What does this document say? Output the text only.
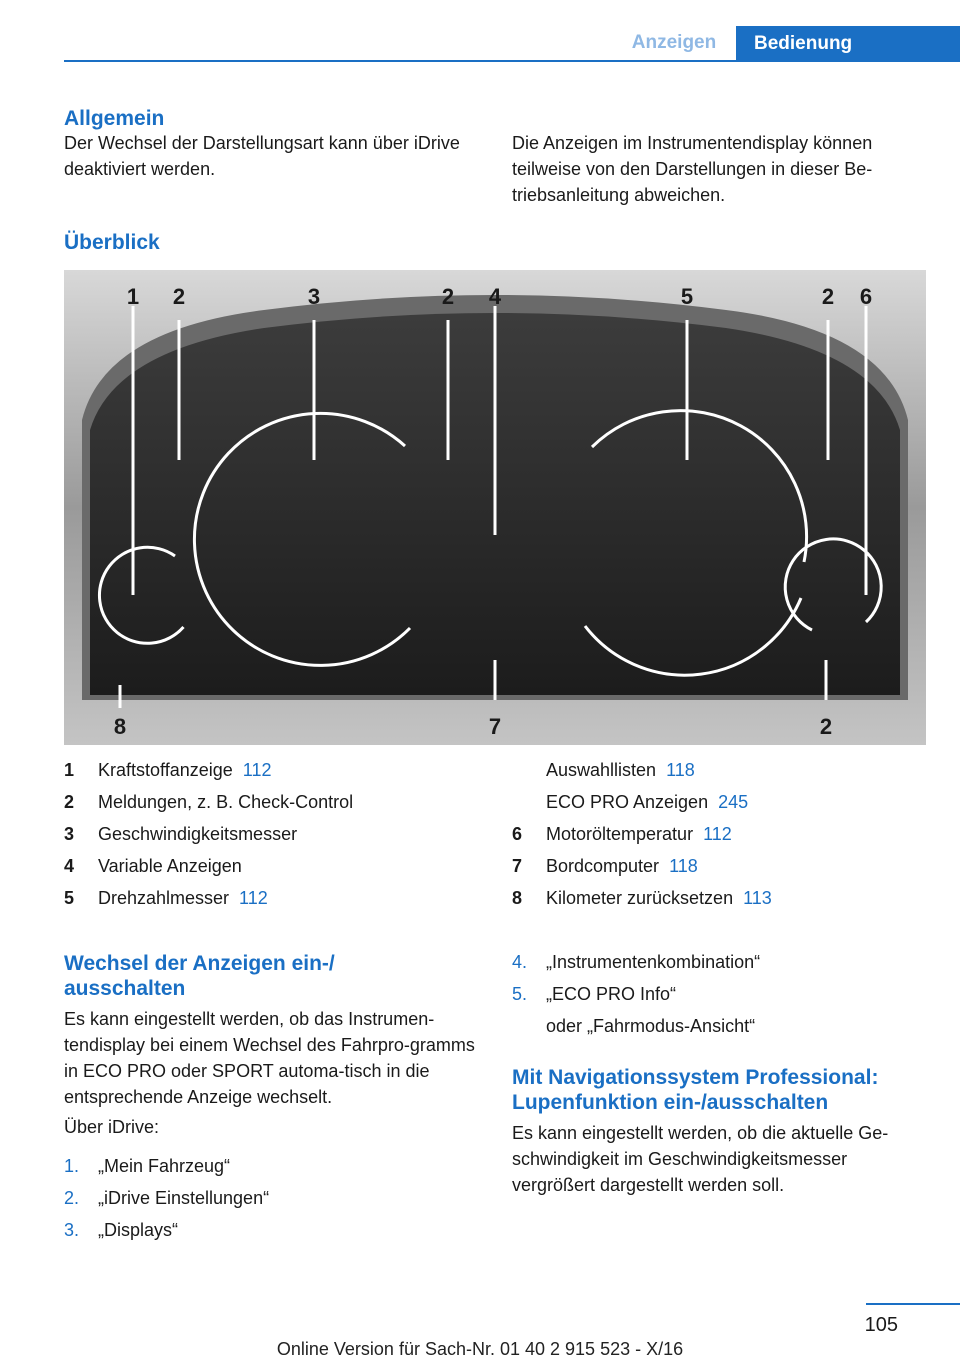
Anzeigen	Bedienung
Allgemein

Der Wechsel der Darstellungsart kann über iDrive deaktiviert werden.

Die Anzeigen im Instrumentendisplay können teilweise von den Darstellungen in dieser Be-triebsanleitung abweichen.

Überblick
1 2	3	2 4	5	2 6
8	7	2
1	Kraftstoffanzeige 112
2	Meldungen, z. B. Check-Control
3	Geschwindigkeitsmesser
4	Variable Anzeigen
5	Drehzahlmesser 112
Auswahllisten 118
ECO PRO Anzeigen 245
6	Motoröltemperatur 112
7	Bordcomputer 118
8	Kilometer zurücksetzen 113
Wechsel der Anzeigen ein-/ ausschalten

Es kann eingestellt werden, ob das Instrumen-tendisplay bei einem Wechsel des Fahrpro-gramms in ECO PRO oder SPORT automa-tisch in die entsprechende Anzeige wechselt.

Über iDrive:

1.	„Mein Fahrzeug“
2.	„iDrive Einstellungen“
3.	„Displays“
4.	„Instrumentenkombination“
5.	„ECO PRO Info“
oder „Fahrmodus-Ansicht“
Mit Navigationssystem Professional: Lupenfunktion ein-/ausschalten

Es kann eingestellt werden, ob die aktuelle Ge-schwindigkeit im Geschwindigkeitsmesser vergrößert dargestellt werden soll.

105
Online Version für Sach-Nr. 01 40 2 915 523 - X/16
